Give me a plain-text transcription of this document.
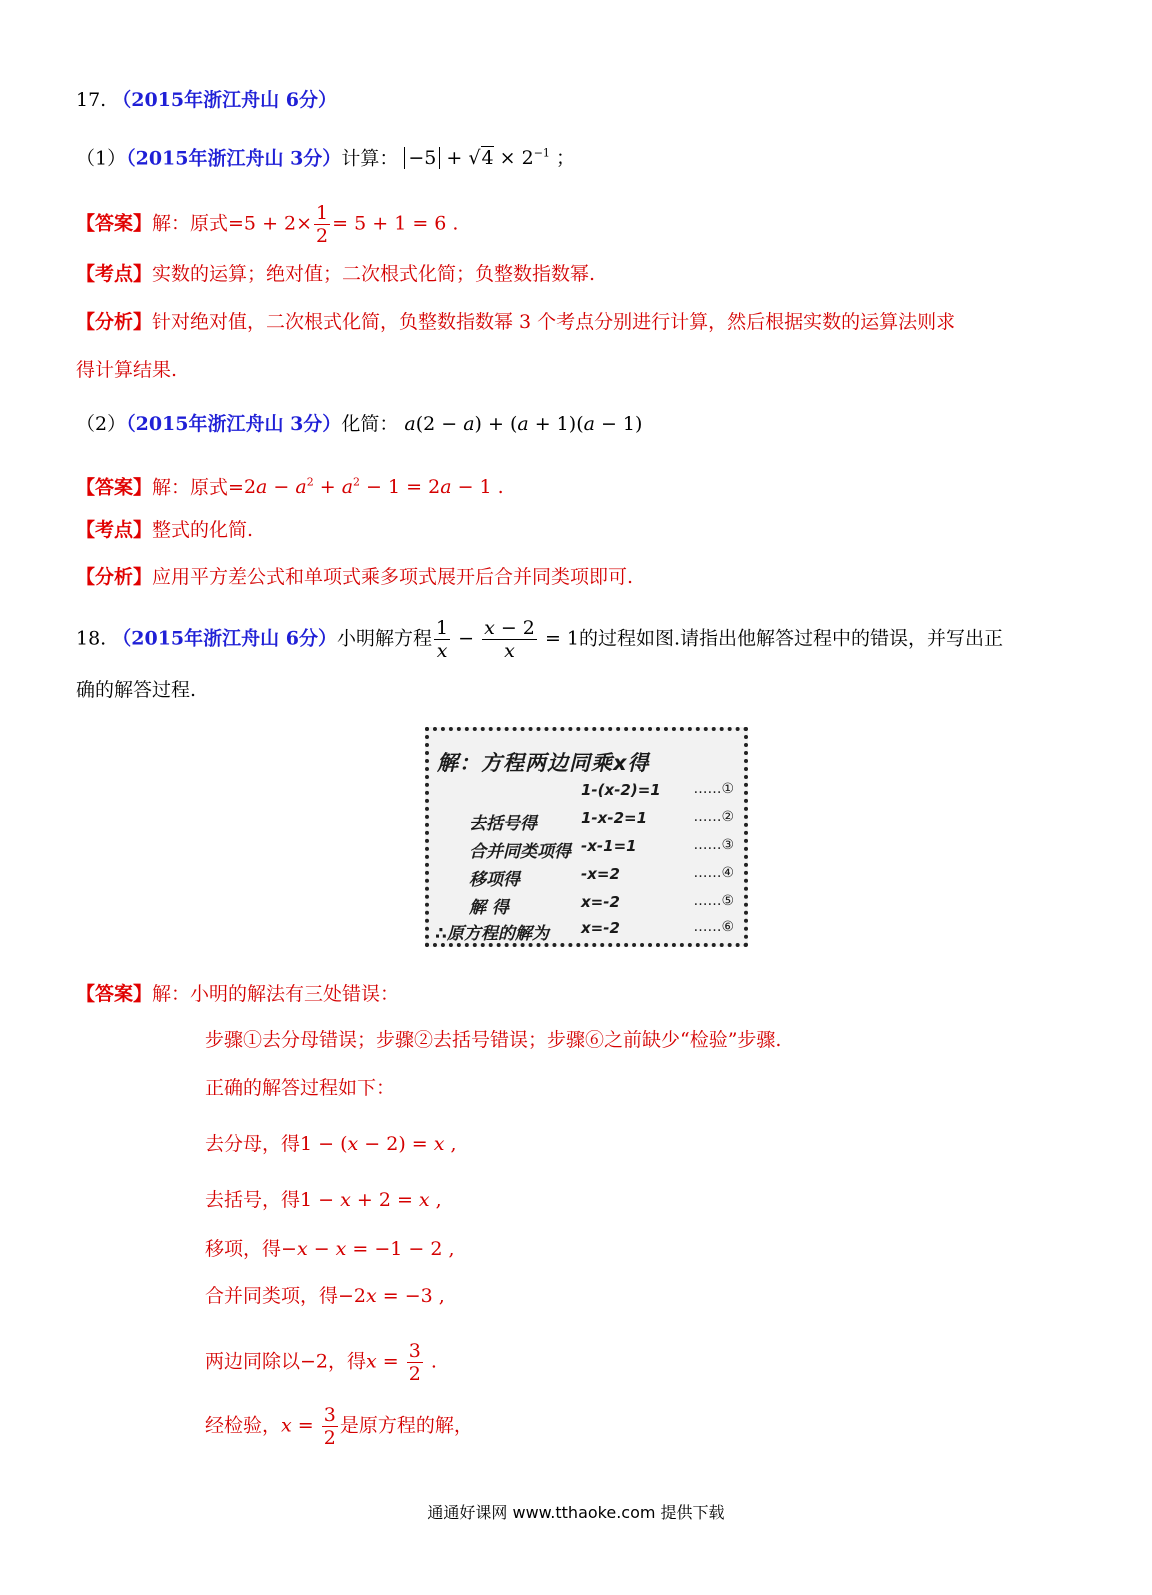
17. （2015年浙江舟山 6分）
（1）（2015年浙江舟山 3分）计算： $-5 + √4 \times 2^{-1}$ ；
【答案】解：原式$=5 + 2\times \frac{1}{2} = 5 + 1 = 6$ .
【考点】实数的运算；绝对值；二次根式化简；负整数指数幂.
【分析】针对绝对值，二次根式化简，负整数指数幂 3 个考点分别进行计算，然后根据实数的运算法则求
得计算结果.
（2）（2015年浙江舟山 3分）化简： a(2 − a) + (a + 1)(a − 1)
【答案】解：原式$=2a - a^2 + a^2 - 1 = 2a - 1$ .
【考点】整式的化简.
【分析】应用平方差公式和单项式乘多项式展开后合并同类项即可.
18. （2015年浙江舟山 6分）小明解方程 $\frac{1}{x} - \frac{x - 2}{x} = 1$的过程如图.请指出他解答过程中的错误，并写出正
确的解答过程.
解：方程两边同乘x得
1-(x-2)=1 ……①
去括号得	1-x-2=1	……②
合并同类项得 -x-1=1	……③
移项得	-x=2	……④
解 得	x=-2	……⑤
∴原方程的解为 x=-2	……⑥
【答案】解：小明的解法有三处错误：
步骤①去分母错误；步骤②去括号错误；步骤⑥之前缺少“检验”步骤.
正确的解答过程如下：
去分母，得1 − (x − 2) = x ,
去括号，得1 − x + 2 = x ,
移项，得−x − x = −1 − 2 ,
合并同类项，得−2x = −3 ,
两边同除以−2，得$x = \frac{3}{2}$ .
经检验，$x = \frac{3}{2}$ 是原方程的解，
通通好课网 www.tthaoke.com 提供下载
